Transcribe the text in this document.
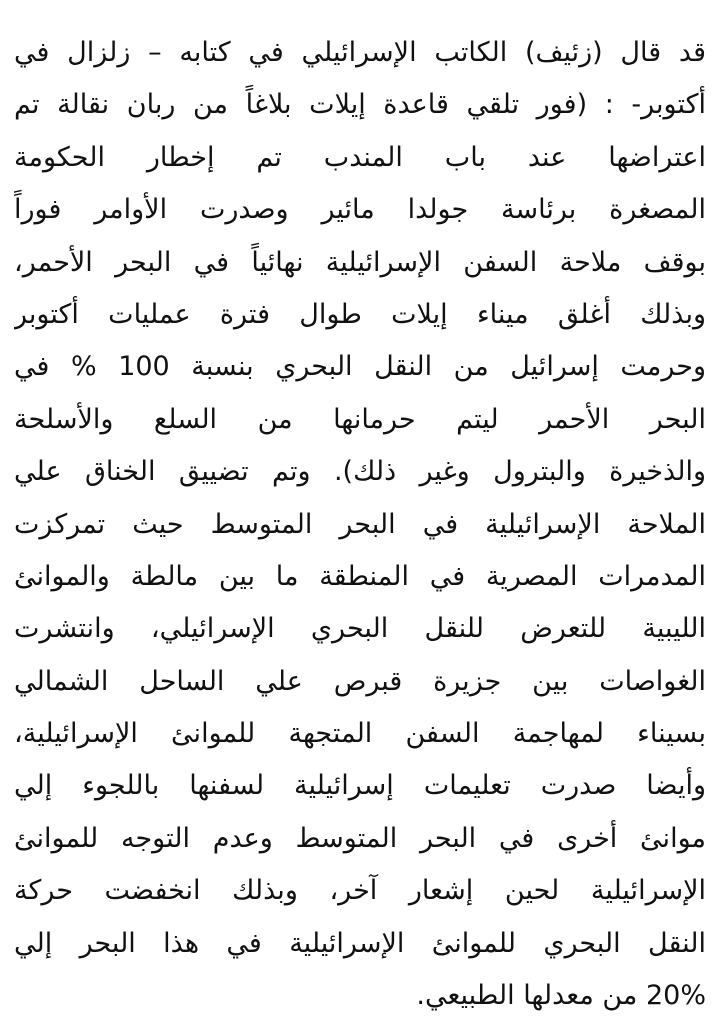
قد قال (زئيف) الكاتب الإسرائيلي في كتابه – زلزال في
أكتوبر- : (فور تلقي قاعدة إيلات بلاغاً من ربان نقالة تم
اعتراضها عند باب المندب تم إخطار الحكومة
المصغرة برئاسة جولدا مائير وصدرت الأوامر فوراً
بوقف ملاحة السفن الإسرائيلية نهائياً في البحر الأحمر،
وبذلك أغلق ميناء إيلات طوال فترة عمليات أكتوبر
وحرمت إسرائيل من النقل البحري بنسبة 100 % في
البحر الأحمر ليتم حرمانها من السلع والأسلحة
والذخيرة والبترول وغير ذلك). وتم تضييق الخناق علي
الملاحة الإسرائيلية في البحر المتوسط حيث تمركزت
المدمرات المصرية في المنطقة ما بين مالطة والموانئ
الليبية للتعرض للنقل البحري الإسرائيلي، وانتشرت
الغواصات بين جزيرة قبرص علي الساحل الشمالي
بسيناء لمهاجمة السفن المتجهة للموانئ الإسرائيلية،
وأيضا صدرت تعليمات إسرائيلية لسفنها باللجوء إلي
موانئ أخرى في البحر المتوسط وعدم التوجه للموانئ
الإسرائيلية لحين إشعار آخر، وبذلك انخفضت حركة
النقل البحري للموانئ الإسرائيلية في هذا البحر إلي
20% من معدلها الطبيعي.
